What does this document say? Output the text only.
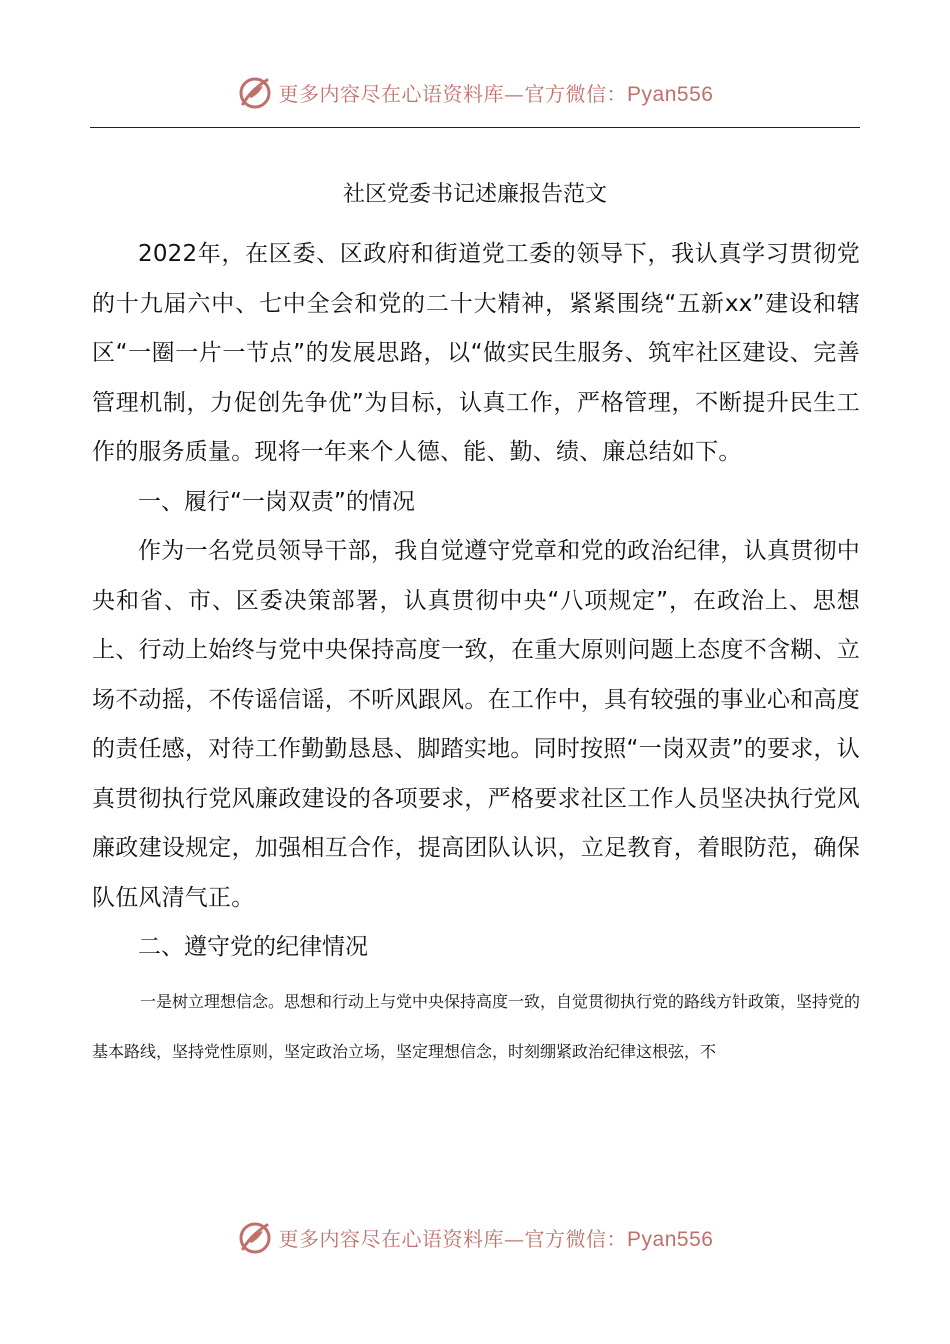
更多内容尽在心语资料库—官方微信：Pyan556
社区党委书记述廉报告范文

2022年，在区委、区政府和街道党工委的领导下，我认真学习贯彻党的十九届六中、七中全会和党的二十大精神，紧紧围绕“五新xx”建设和辖区“一圈一片一节点”的发展思路，以“做实民生服务、筑牢社区建设、完善管理机制，力促创先争优”为目标，认真工作，严格管理，不断提升民生工作的服务质量。现将一年来个人德、能、勤、绩、廉总结如下。

一、履行“一岗双责”的情况

作为一名党员领导干部，我自觉遵守党章和党的政治纪律，认真贯彻中央和省、市、区委决策部署，认真贯彻中央“八项规定”，在政治上、思想上、行动上始终与党中央保持高度一致，在重大原则问题上态度不含糊、立场不动摇，不传谣信谣，不听风跟风。在工作中，具有较强的事业心和高度的责任感，对待工作勤勤恳恳、脚踏实地。同时按照“一岗双责”的要求，认真贯彻执行党风廉政建设的各项要求，严格要求社区工作人员坚决执行党风廉政建设规定，加强相互合作，提高团队认识，立足教育，着眼防范，确保队伍风清气正。

二、遵守党的纪律情况

一是树立理想信念。思想和行动上与党中央保持高度一致，自觉贯彻执行党的路线方针政策，坚持党的基本路线，坚持党性原则，坚定政治立场，坚定理想信念，时刻绷紧政治纪律这根弦，不

更多内容尽在心语资料库—官方微信：Pyan556
